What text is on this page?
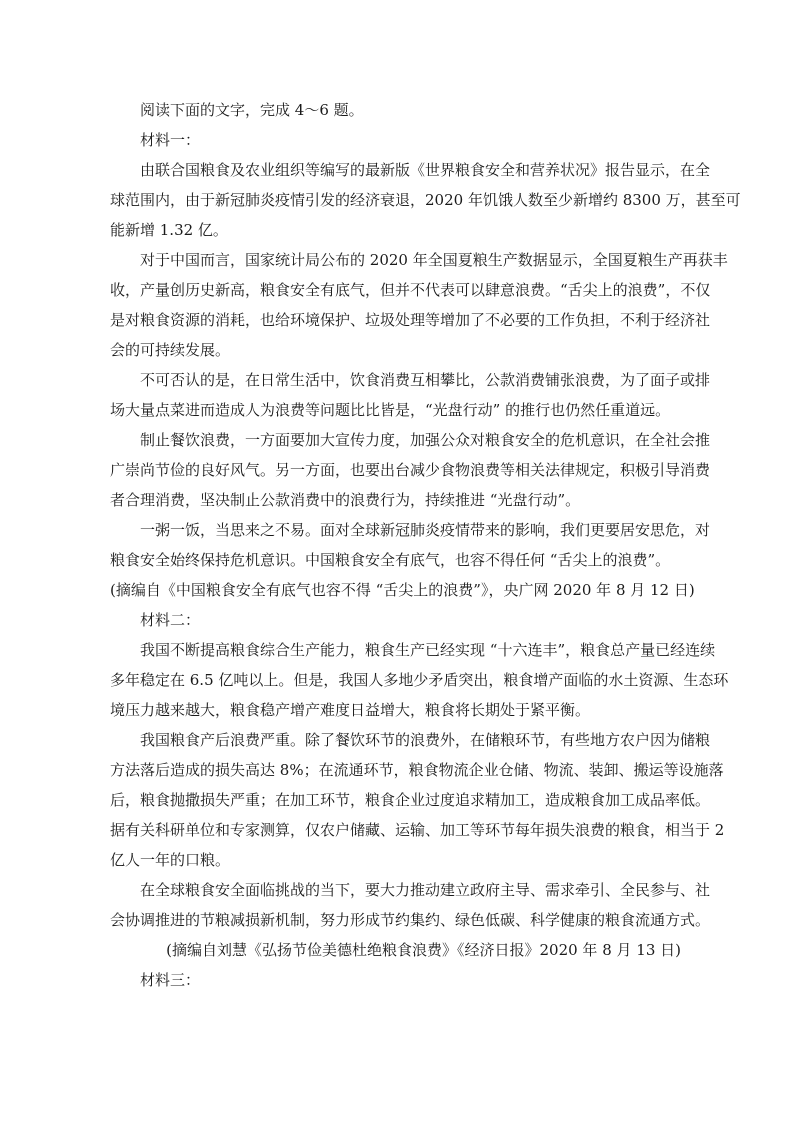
阅读下面的文字，完成 4～6 题。
材料一：
由联合国粮食及农业组织等编写的最新版《世界粮食安全和营养状况》报告显示，在全
球范围内，由于新冠肺炎疫情引发的经济衰退，2020 年饥饿人数至少新增约 8300 万，甚至可
能新增 1.32 亿。
对于中国而言，国家统计局公布的 2020 年全国夏粮生产数据显示，全国夏粮生产再获丰
收，产量创历史新高，粮食安全有底气，但并不代表可以肆意浪费。“舌尖上的浪费”，不仅
是对粮食资源的消耗，也给环境保护、垃圾处理等增加了不必要的工作负担，不利于经济社
会的可持续发展。
不可否认的是，在日常生活中，饮食消费互相攀比，公款消费铺张浪费，为了面子或排
场大量点菜进而造成人为浪费等问题比比皆是，“光盘行动” 的推行也仍然任重道远。
制止餐饮浪费，一方面要加大宣传力度，加强公众对粮食安全的危机意识，在全社会推
广崇尚节俭的良好风气。另一方面，也要出台减少食物浪费等相关法律规定，积极引导消费
者合理消费，坚决制止公款消费中的浪费行为，持续推进 “光盘行动”。
一粥一饭，当思来之不易。面对全球新冠肺炎疫情带来的影响，我们更要居安思危，对
粮食安全始终保持危机意识。中国粮食安全有底气，也容不得任何 “舌尖上的浪费”。
(摘编自《中国粮食安全有底气也容不得 “舌尖上的浪费”》，央广网 2020 年 8 月 12 日)
材料二：
我国不断提高粮食综合生产能力，粮食生产已经实现 “十六连丰”，粮食总产量已经连续
多年稳定在 6.5 亿吨以上。但是，我国人多地少矛盾突出，粮食增产面临的水土资源、生态环
境压力越来越大，粮食稳产增产难度日益增大，粮食将长期处于紧平衡。
我国粮食产后浪费严重。除了餐饮环节的浪费外，在储粮环节，有些地方农户因为储粮
方法落后造成的损失高达 8%；在流通环节，粮食物流企业仓储、物流、装卸、搬运等设施落
后，粮食抛撒损失严重；在加工环节，粮食企业过度追求精加工，造成粮食加工成品率低。
据有关科研单位和专家测算，仅农户储藏、运输、加工等环节每年损失浪费的粮食，相当于 2
亿人一年的口粮。
在全球粮食安全面临挑战的当下，要大力推动建立政府主导、需求牵引、全民参与、社
会协调推进的节粮减损新机制，努力形成节约集约、绿色低碳、科学健康的粮食流通方式。
(摘编自刘慧《弘扬节俭美德杜绝粮食浪费》《经济日报》2020 年 8 月 13 日)
材料三：
